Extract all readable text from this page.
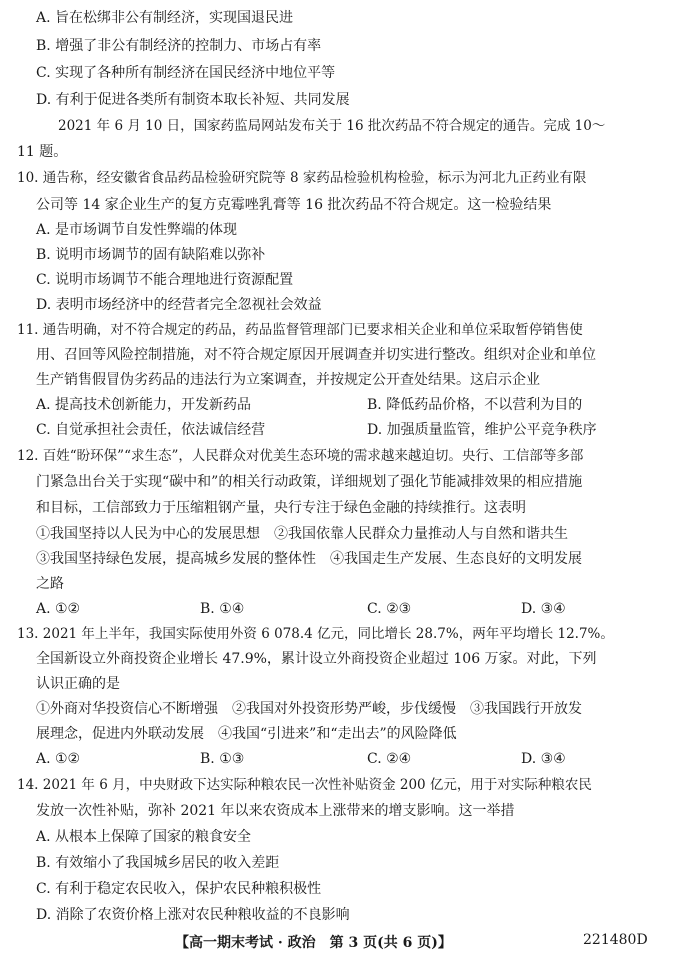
A. 旨在松绑非公有制经济，实现国退民进
B. 增强了非公有制经济的控制力、市场占有率
C. 实现了各种所有制经济在国民经济中地位平等
D. 有利于促进各类所有制资本取长补短、共同发展
2021 年 6 月 10 日，国家药监局网站发布关于 16 批次药品不符合规定的通告。完成 10～
11 题。
10. 通告称，经安徽省食品药品检验研究院等 8 家药品检验机构检验，标示为河北九正药业有限
公司等 14 家企业生产的复方克霉唑乳膏等 16 批次药品不符合规定。这一检验结果
A. 是市场调节自发性弊端的体现
B. 说明市场调节的固有缺陷难以弥补
C. 说明市场调节不能合理地进行资源配置
D. 表明市场经济中的经营者完全忽视社会效益
11. 通告明确，对不符合规定的药品，药品监督管理部门已要求相关企业和单位采取暂停销售使
用、召回等风险控制措施，对不符合规定原因开展调查并切实进行整改。组织对企业和单位
生产销售假冒伪劣药品的违法行为立案调查，并按规定公开查处结果。这启示企业
A. 提高技术创新能力，开发新药品	B. 降低药品价格，不以营利为目的
C. 自觉承担社会责任，依法诚信经营	D. 加强质量监管，维护公平竞争秩序
12. 百姓“盼环保”“求生态”，人民群众对优美生态环境的需求越来越迫切。央行、工信部等多部
门紧急出台关于实现“碳中和”的相关行动政策，详细规划了强化节能减排效果的相应措施
和目标，工信部致力于压缩粗钢产量，央行专注于绿色金融的持续推行。这表明
①我国坚持以人民为中心的发展思想　②我国依靠人民群众力量推动人与自然和谐共生
③我国坚持绿色发展，提高城乡发展的整体性　④我国走生产发展、生态良好的文明发展
之路
A. ①②	B. ①④	C. ②③	D. ③④
13. 2021 年上半年，我国实际使用外资 6 078.4 亿元，同比增长 28.7%，两年平均增长 12.7%。
全国新设立外商投资企业增长 47.9%，累计设立外商投资企业超过 106 万家。对此，下列
认识正确的是
①外商对华投资信心不断增强　②我国对外投资形势严峻，步伐缓慢　③我国践行开放发
展理念，促进内外联动发展　④我国“引进来”和“走出去”的风险降低
A. ①②	B. ①③	C. ②④	D. ③④
14. 2021 年 6 月，中央财政下达实际种粮农民一次性补贴资金 200 亿元，用于对实际种粮农民
发放一次性补贴，弥补 2021 年以来农资成本上涨带来的增支影响。这一举措
A. 从根本上保障了国家的粮食安全
B. 有效缩小了我国城乡居民的收入差距
C. 有利于稳定农民收入，保护农民种粮积极性
【高一期末考试 · 政治　第 3 页(共 6 页)】	221480D
D. 消除了农资价格上涨对农民种粮收益的不良影响
